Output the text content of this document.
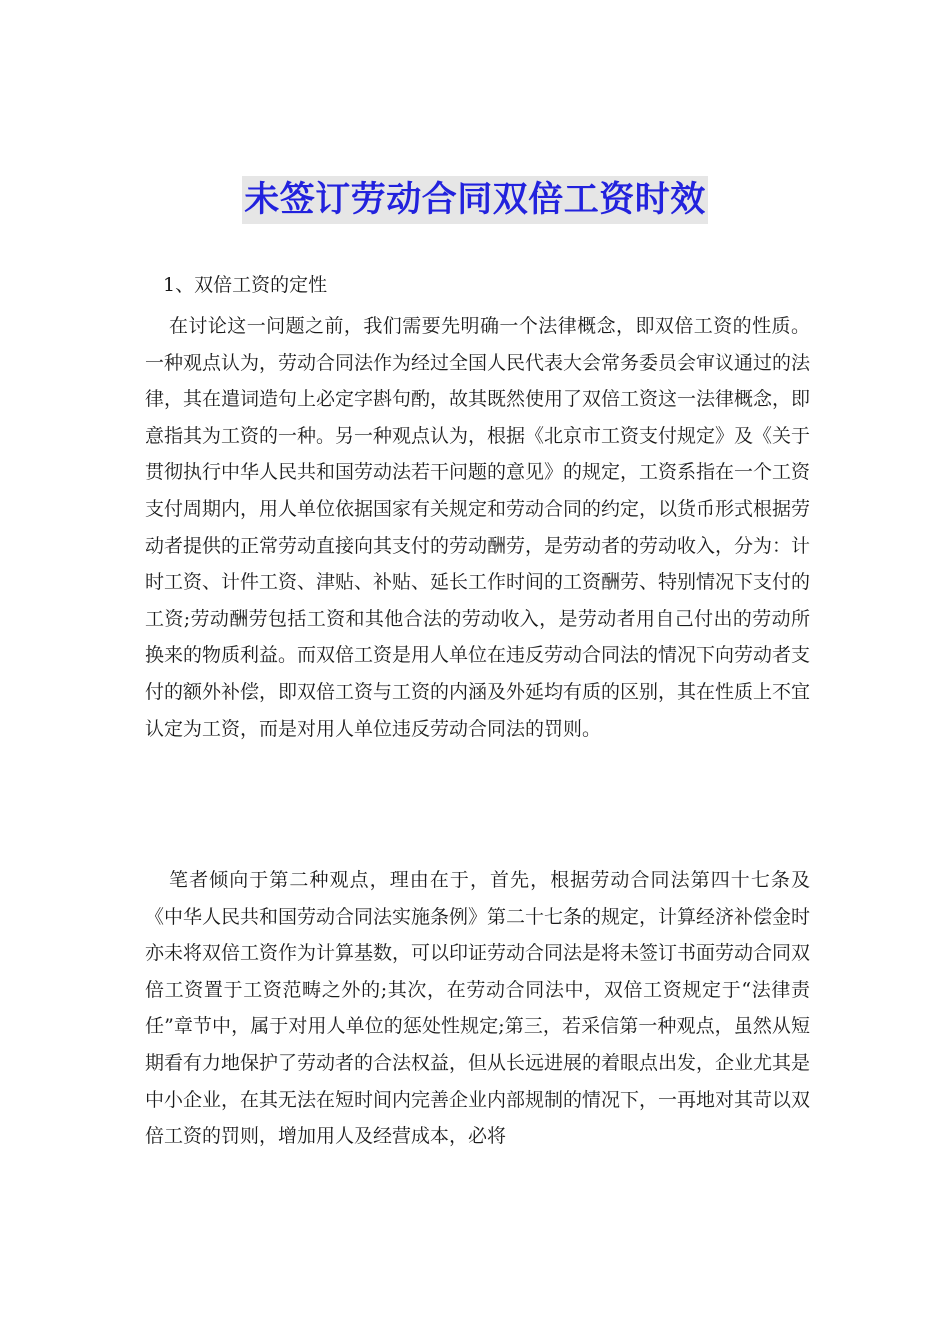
未签订劳动合同双倍工资时效
1、双倍工资的定性

在讨论这一问题之前，我们需要先明确一个法律概念，即双倍工资的性质。一种观点认为，劳动合同法作为经过全国人民代表大会常务委员会审议通过的法律，其在遣词造句上必定字斟句酌，故其既然使用了双倍工资这一法律概念，即意指其为工资的一种。另一种观点认为，根据《北京市工资支付规定》及《关于贯彻执行中华人民共和国劳动法若干问题的意见》的规定，工资系指在一个工资支付周期内，用人单位依据国家有关规定和劳动合同的约定，以货币形式根据劳动者提供的正常劳动直接向其支付的劳动酬劳，是劳动者的劳动收入，分为：计时工资、计件工资、津贴、补贴、延长工作时间的工资酬劳、特别情况下支付的工资;劳动酬劳包括工资和其他合法的劳动收入，是劳动者用自己付出的劳动所换来的物质利益。而双倍工资是用人单位在违反劳动合同法的情况下向劳动者支付的额外补偿，即双倍工资与工资的内涵及外延均有质的区别，其在性质上不宜认定为工资，而是对用人单位违反劳动合同法的罚则。

笔者倾向于第二种观点，理由在于，首先，根据劳动合同法第四十七条及《中华人民共和国劳动合同法实施条例》第二十七条的规定，计算经济补偿金时亦未将双倍工资作为计算基数，可以印证劳动合同法是将未签订书面劳动合同双倍工资置于工资范畴之外的;其次，在劳动合同法中，双倍工资规定于“法律责任”章节中，属于对用人单位的惩处性规定;第三，若采信第一种观点，虽然从短期看有力地保护了劳动者的合法权益，但从长远进展的着眼点出发，企业尤其是中小企业，在其无法在短时间内完善企业内部规制的情况下，一再地对其苛以双倍工资的罚则，增加用人及经营成本，必将
